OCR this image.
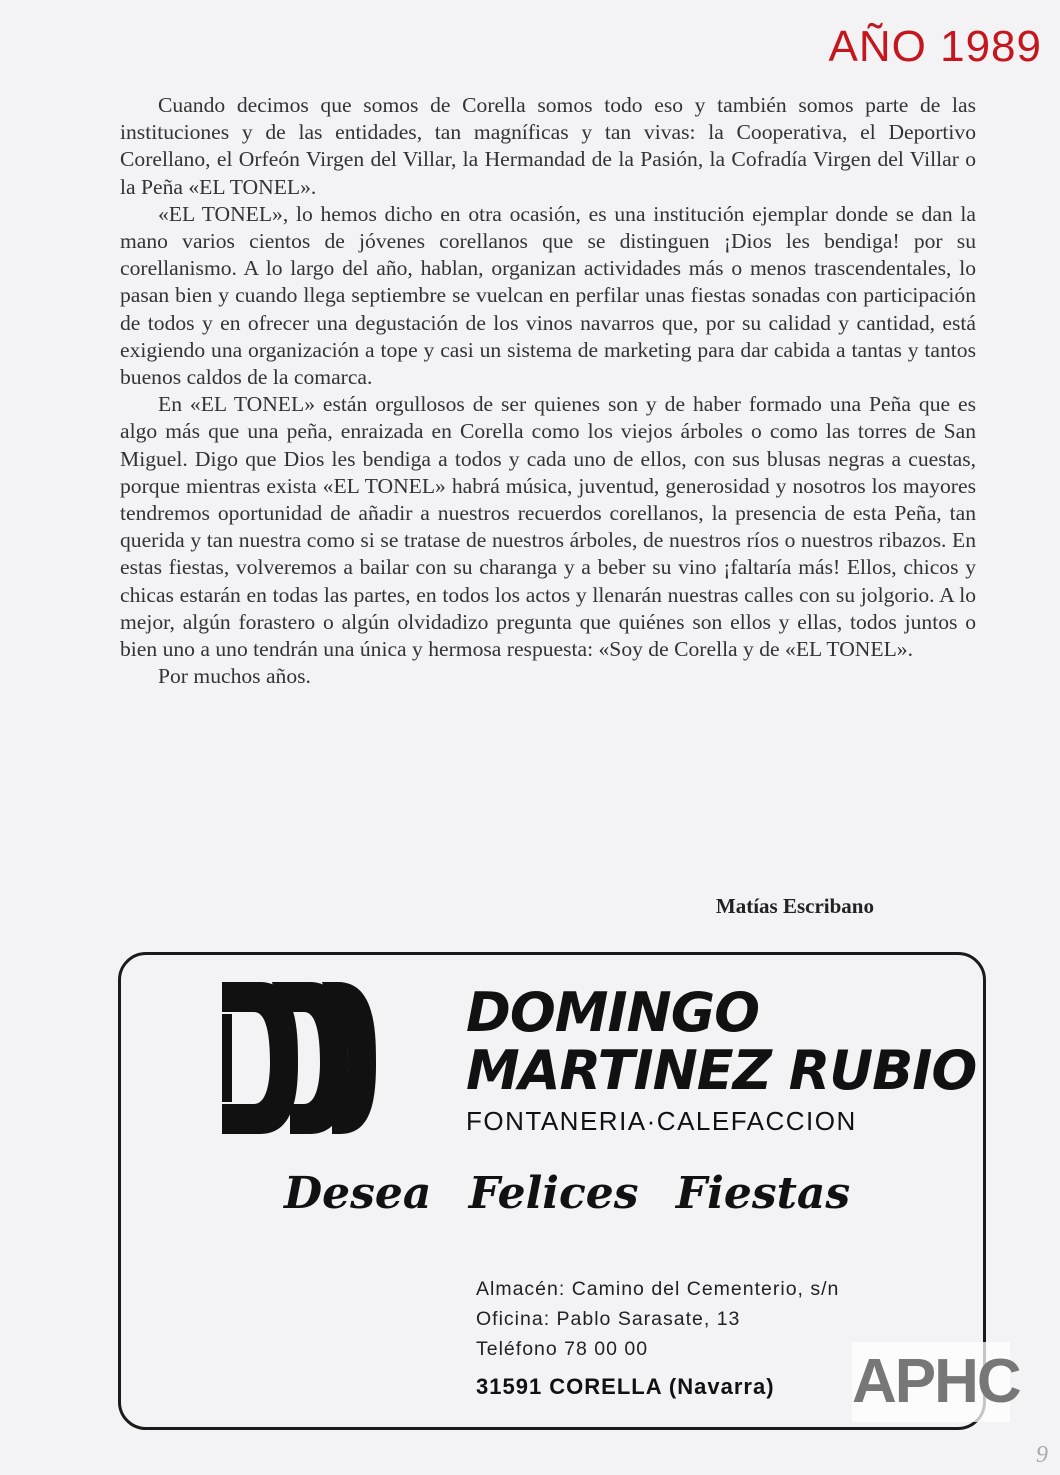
AÑO 1989

Cuando decimos que somos de Corella somos todo eso y también somos parte de las instituciones y de las entidades, tan magníficas y tan vivas: la Cooperativa, el Deportivo Corellano, el Orfeón Virgen del Villar, la Hermandad de la Pasión, la Cofradía Virgen del Villar o la Peña «EL TONEL».

«EL TONEL», lo hemos dicho en otra ocasión, es una institución ejemplar donde se dan la mano varios cientos de jóvenes corellanos que se distinguen ¡Dios les bendiga! por su corellanismo. A lo largo del año, hablan, organizan actividades más o menos trascendentales, lo pasan bien y cuando llega septiembre se vuelcan en perfilar unas fiestas sonadas con participación de todos y en ofrecer una degustación de los vinos navarros que, por su calidad y cantidad, está exigiendo una organización a tope y casi un sistema de marketing para dar cabida a tantas y tantos buenos caldos de la comarca.

En «EL TONEL» están orgullosos de ser quienes son y de haber formado una Peña que es algo más que una peña, enraizada en Corella como los viejos árboles o como las torres de San Miguel. Digo que Dios les bendiga a todos y cada uno de ellos, con sus blusas negras a cuestas, porque mientras exista «EL TONEL» habrá música, juventud, generosidad y nosotros los mayores tendremos oportunidad de añadir a nuestros recuerdos corellanos, la presencia de esta Peña, tan querida y tan nuestra como si se tratase de nuestros árboles, de nuestros ríos o nuestros ribazos. En estas fiestas, volveremos a bailar con su charanga y a beber su vino ¡faltaría más! Ellos, chicos y chicas estarán en todas las partes, en todos los actos y llenarán nuestras calles con su jolgorio. A lo mejor, algún forastero o algún olvidadizo pregunta que quiénes son ellos y ellas, todos juntos o bien uno a uno tendrán una única y hermosa respuesta: «Soy de Corella y de «EL TONEL».

Por muchos años.

Matías Escribano
DOMINGO
MARTINEZ RUBIO
FONTANERIA·CALEFACCION
Desea Felices Fiestas
Almacén: Camino del Cementerio, s/n
Oficina: Pablo Sarasate, 13
Teléfono 78 00 00
31591 CORELLA (Navarra) APHC
9
